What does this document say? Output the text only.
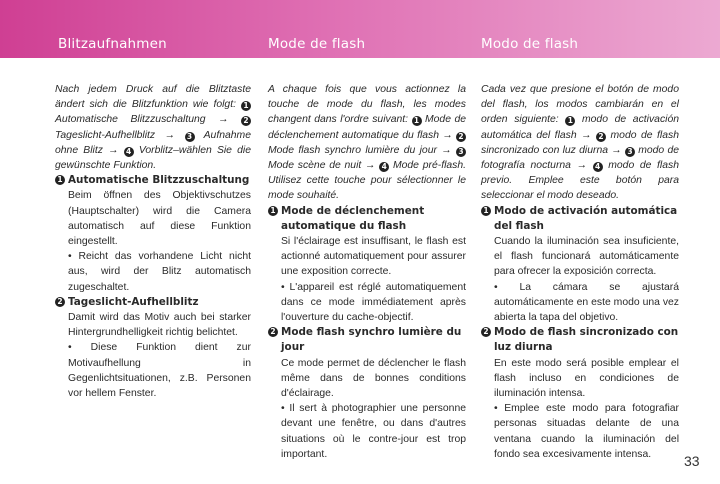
Blitzaufnahmen	Mode de flash	Modo de flash

Nach jedem Druck auf die Blitztaste ändert sich die Blitzfunktion wie folgt: 1 Automatische Blitzzuschaltung → 2 Tageslicht-Aufhellblitz → 3 Aufnahme ohne Blitz → 4 Vorblitz–wählen Sie die gewünschte Funktion.

1 Automatische Blitzzuschaltung

Beim öffnen des Objektivschutzes (Hauptschalter) wird die Camera automatisch auf diese Funktion eingestellt.

• Reicht das vorhandene Licht nicht aus, wird der Blitz automatisch zugeschaltet.

2 Tageslicht-Aufhellblitz

Damit wird das Motiv auch bei starker Hintergrundhelligkeit richtig belichtet.

• Diese Funktion dient zur Motivaufhellung in Gegenlichtsituationen, z.B. Personen vor hellem Fenster.

A chaque fois que vous actionnez la touche de mode du flash, les modes changent dans l'ordre suivant: 1 Mode de déclenchement automatique du flash → 2 Mode flash synchro lumière du jour → 3 Mode scène de nuit → 4 Mode pré-flash. Utilisez cette touche pour sélectionner le mode souhaité.

1 Mode de déclenchement automatique du flash

Si l'éclairage est insuffisant, le flash est actionné automatiquement pour assurer une exposition correcte.

• L'appareil est réglé automatiquement dans ce mode immédiatement après l'ouverture du cache-objectif.

2 Mode flash synchro lumière du jour

Ce mode permet de déclencher le flash même dans de bonnes conditions d'éclairage.

• Il sert à photographier une personne devant une fenêtre, ou dans d'autres situations où le contre-jour est trop important.

Cada vez que presione el botón de modo del flash, los modos cambiarán en el orden siguiente: 1 modo de activación automática del flash → 2 modo de flash sincronizado con luz diurna → 3 modo de fotografía nocturna → 4 modo de flash previo. Emplee este botón para seleccionar el modo deseado.

1 Modo de activación automática del flash

Cuando la iluminación sea insuficiente, el flash funcionará automáticamente para ofrecer la exposición correcta.

• La cámara se ajustará automáticamente en este modo una vez abierta la tapa del objetivo.

2 Modo de flash sincronizado con luz diurna

En este modo será posible emplear el flash incluso en condiciones de iluminación intensa.

• Emplee este modo para fotografiar personas situadas delante de una ventana cuando la iluminación del fondo sea excesivamente intensa.	33
